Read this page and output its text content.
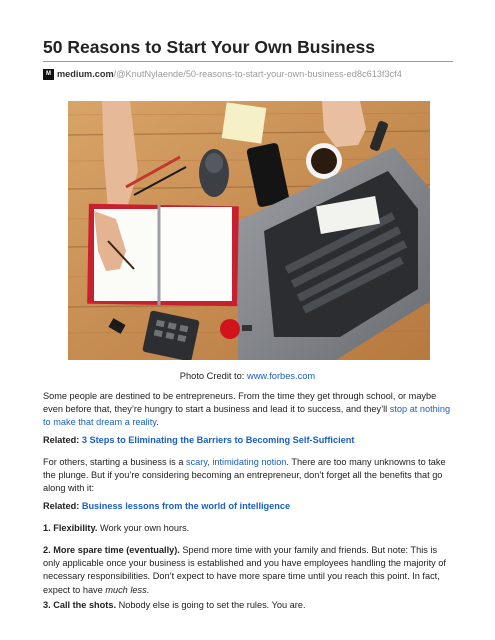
50 Reasons to Start Your Own Business
M medium.com /@KnutNylaende/50-reasons-to-start-your-own-business-ed8c613f3cf4
Photo Credit to: www.forbes.com
Some people are destined to be entrepreneurs. From the time they get through school, or maybe even before that, they’re hungry to start a business and lead it to success, and they’ll stop at nothing to make that dream a reality.
Related: 3 Steps to Eliminating the Barriers to Becoming Self-Sufficient
For others, starting a business is a scary, intimidating notion. There are too many unknowns to take the plunge. But if you’re considering becoming an entrepreneur, don’t forget all the benefits that go along with it:
Related: Business lessons from the world of intelligence
1. Flexibility. Work your own hours.
2. More spare time (eventually). Spend more time with your family and friends. But note: This is only applicable once your business is established and you have employees handling the majority of necessary responsibilities. Don’t expect to have more spare time until you reach this point. In fact, expect to have much less.
3. Call the shots. Nobody else is going to set the rules. You are.
